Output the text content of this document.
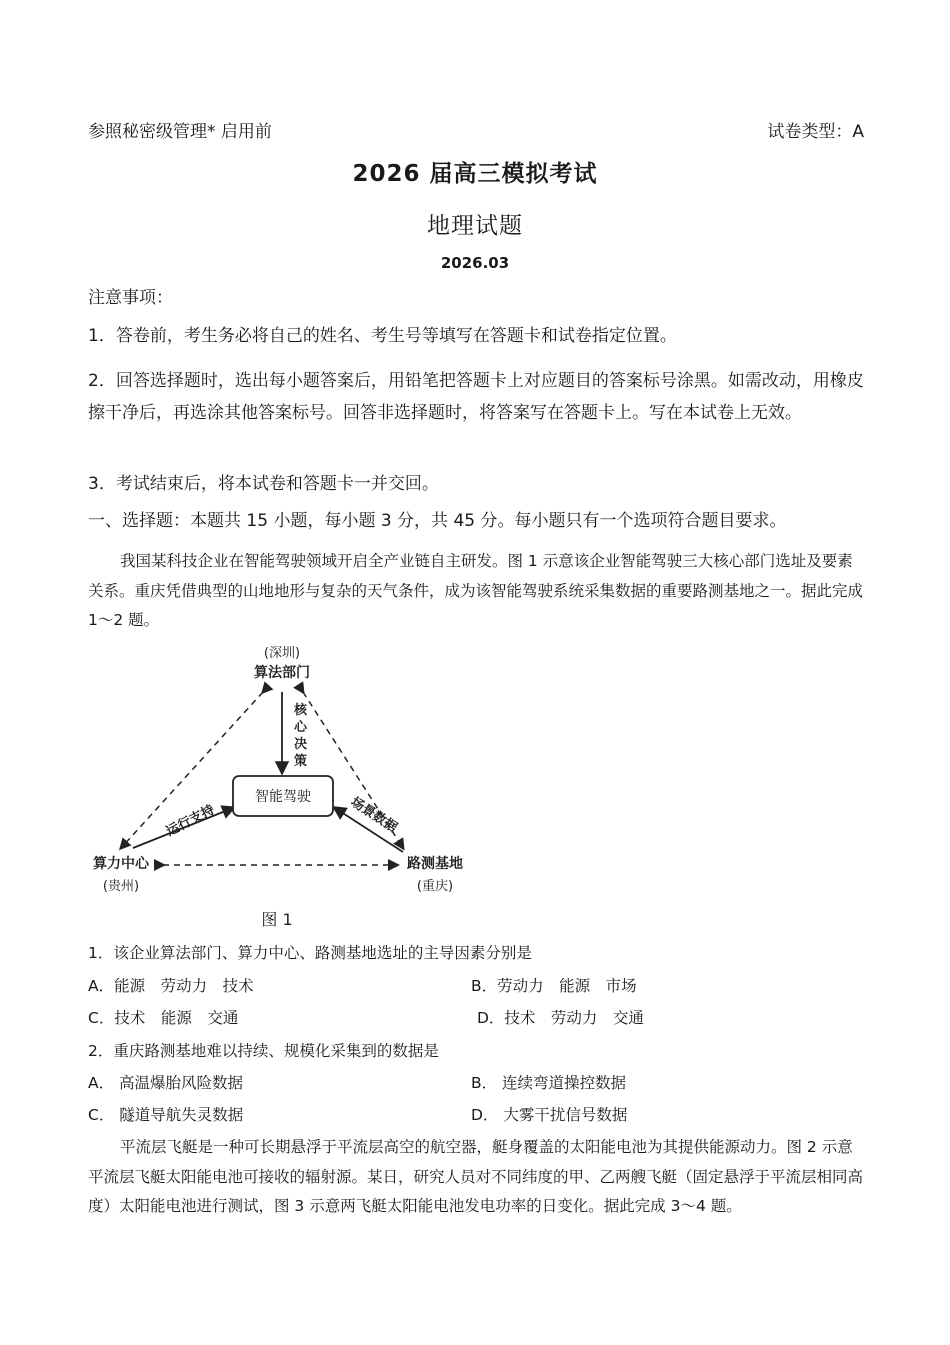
参照秘密级管理* 启用前	试卷类型：A
2026 届高三模拟考试
地理试题
2026.03
注意事项：
1．答卷前，考生务必将自己的姓名、考生号等填写在答题卡和试卷指定位置。
2．回答选择题时，选出每小题答案后，用铅笔把答题卡上对应题目的答案标号涂黑。如需改动，用橡皮擦干净后，再选涂其他答案标号。回答非选择题时，将答案写在答题卡上。写在本试卷上无效。
3．考试结束后，将本试卷和答题卡一并交回。
一、选择题：本题共 15 小题，每小题 3 分，共 45 分。每小题只有一个选项符合题目要求。
我国某科技企业在智能驾驶领域开启全产业链自主研发。图 1 示意该企业智能驾驶三大核心部门选址及要素关系。重庆凭借典型的山地地形与复杂的天气条件，成为该智能驾驶系统采集数据的重要路测基地之一。据此完成 1～2 题。
智能驾驶
(深圳)
算法部门
核
心
决
策
运行支持	场景数据
算力中心
(贵州)
路测基地
(重庆)
图 1
1．该企业算法部门、算力中心、路测基地选址的主导因素分别是
A．能源　劳动力　技术	B．劳动力　能源　市场
C．技术　能源　交通	D．技术　劳动力　交通
2．重庆路测基地难以持续、规模化采集到的数据是
A． 高温爆胎风险数据	B． 连续弯道操控数据
C． 隧道导航失灵数据	D． 大雾干扰信号数据
平流层飞艇是一种可长期悬浮于平流层高空的航空器，艇身覆盖的太阳能电池为其提供能源动力。图 2 示意平流层飞艇太阳能电池可接收的辐射源。某日，研究人员对不同纬度的甲、乙两艘飞艇（固定悬浮于平流层相同高度）太阳能电池进行测试，图 3 示意两飞艇太阳能电池发电功率的日变化。据此完成 3～4 题。
